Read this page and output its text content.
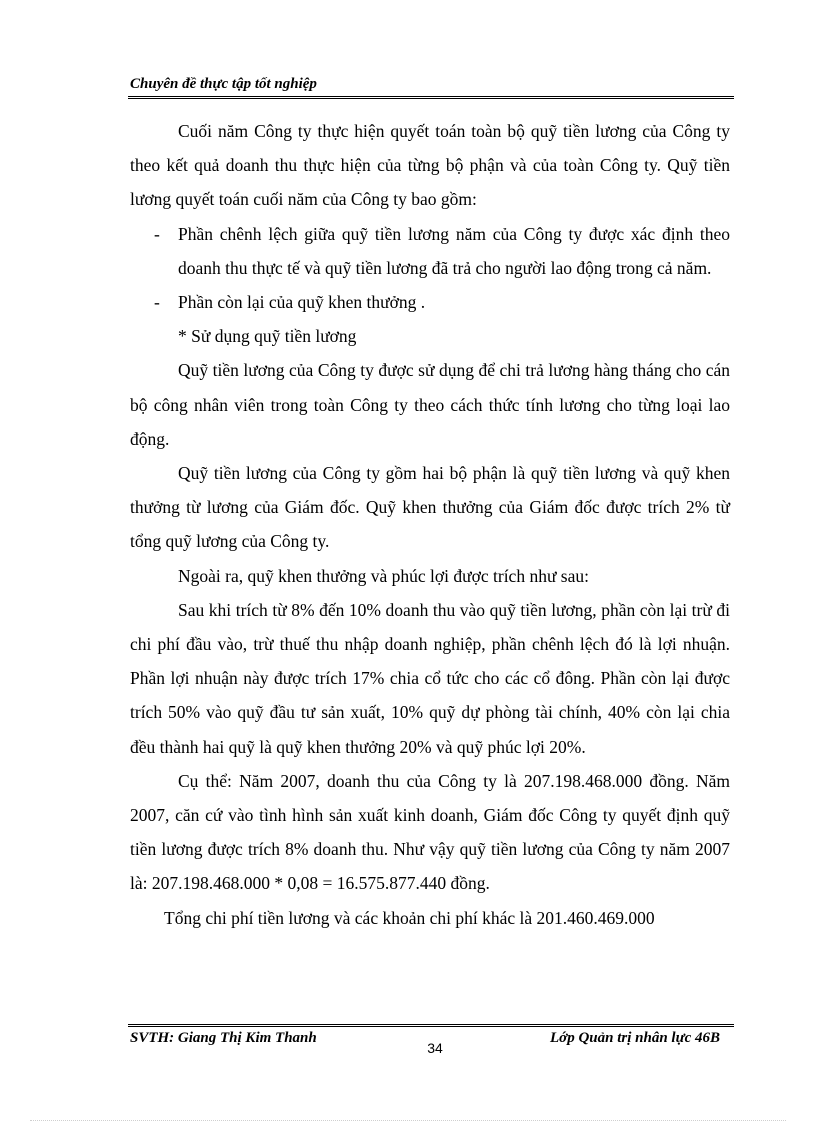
Chuyên đề thực tập tốt nghiệp

Cuối năm Công ty thực hiện quyết toán toàn bộ quỹ tiền lương của Công ty theo kết quả doanh thu thực hiện của từng bộ phận và của toàn Công ty. Quỹ tiền lương quyết toán cuối năm của Công ty bao gồm:

- Phần chênh lệch giữa quỹ tiền lương năm của Công ty được xác định theo doanh thu thực tế và quỹ tiền lương đã trả cho người lao động trong cả năm.

- Phần còn lại của quỹ khen thưởng .

* Sử dụng quỹ tiền lương

Quỹ tiền lương của Công ty được sử dụng để chi trả lương hàng tháng cho cán bộ công nhân viên trong toàn Công ty theo cách thức tính lương cho từng loại lao động.

Quỹ tiền lương của Công ty gồm hai bộ phận là quỹ tiền lương và quỹ khen thưởng từ lương của Giám đốc. Quỹ khen thưởng của Giám đốc được trích 2% từ tổng quỹ lương của Công ty.

Ngoài ra, quỹ khen thưởng và phúc lợi được trích như sau:

Sau khi trích từ 8% đến 10% doanh thu vào quỹ tiền lương, phần còn lại trừ đi chi phí đầu vào, trừ thuế thu nhập doanh nghiệp, phần chênh lệch đó là lợi nhuận. Phần lợi nhuận này được trích 17% chia cổ tức cho các cổ đông. Phần còn lại được trích 50% vào quỹ đầu tư sản xuất, 10% quỹ dự phòng tài chính, 40% còn lại chia đều thành hai quỹ là quỹ khen thưởng 20% và quỹ phúc lợi 20%.

Cụ thể: Năm 2007, doanh thu của Công ty là 207.198.468.000 đồng. Năm 2007, căn cứ vào tình hình sản xuất kinh doanh, Giám đốc Công ty quyết định quỹ tiền lương được trích 8% doanh thu. Như vậy quỹ tiền lương của Công ty năm 2007 là: 207.198.468.000 * 0,08 = 16.575.877.440 đồng.

Tổng chi phí tiền lương và các khoản chi phí khác là 201.460.469.000

SVTH: Giang Thị Kim Thanh
34
Lớp Quản trị nhân lực 46B
